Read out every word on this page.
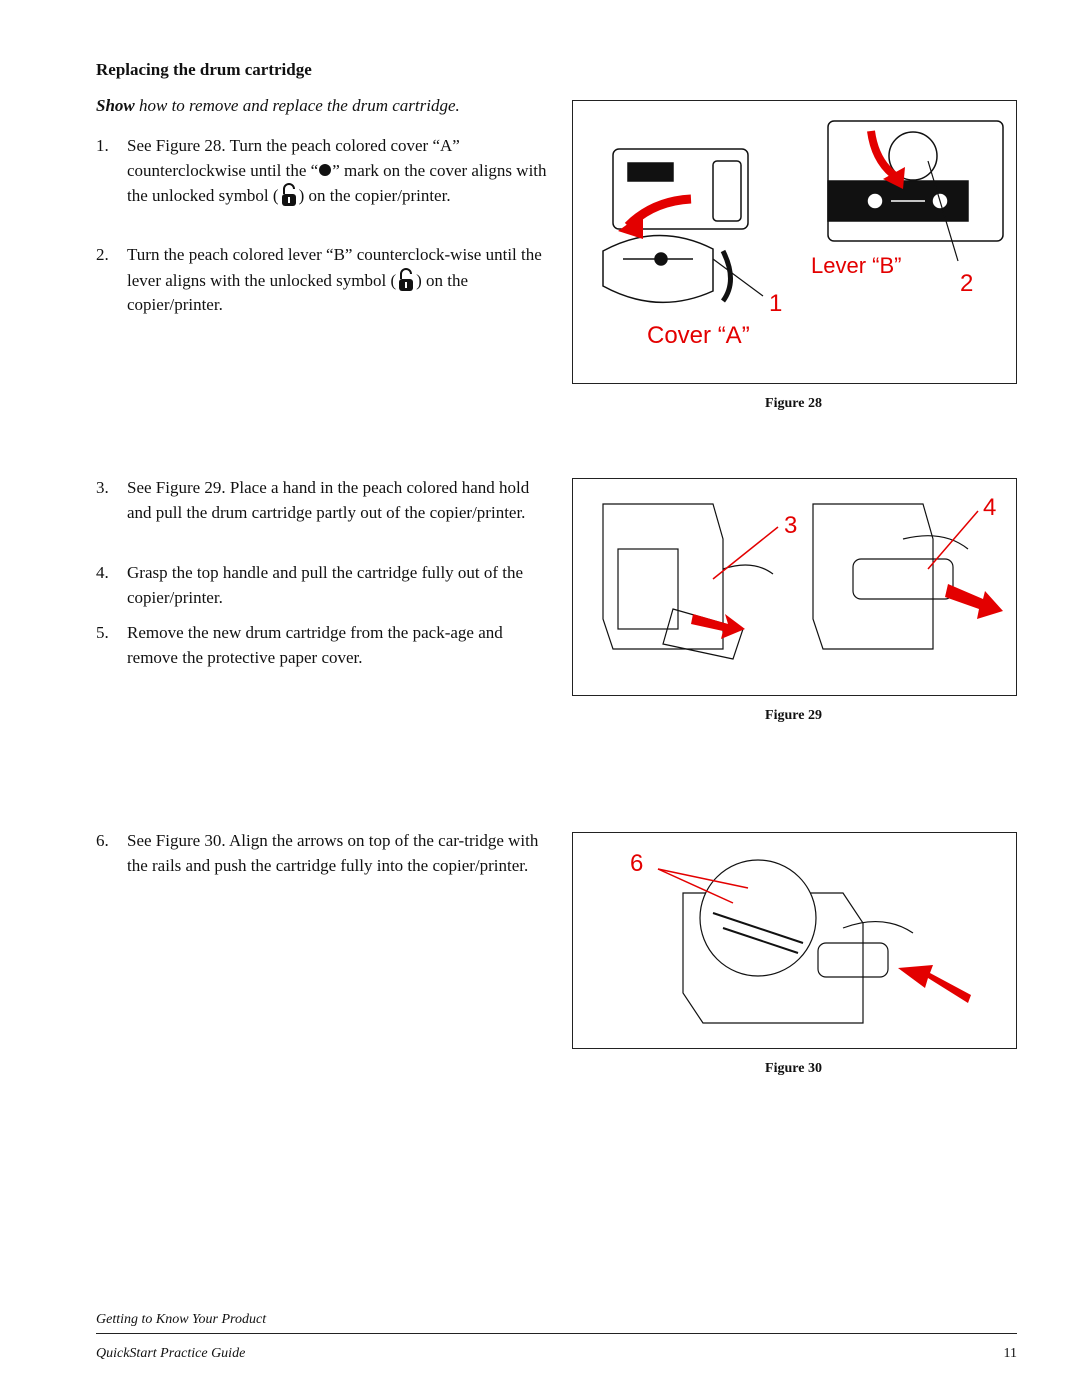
Replacing the drum cartridge
Show how to remove and replace the drum cartridge.
1. See Figure 28. Turn the peach colored cover “A” counterclockwise until the “ ” mark on the cover aligns with the unlocked symbol ( ) on the copier/printer.
2. Turn the peach colored lever “B” counterclock-wise until the lever aligns with the unlocked symbol ( ) on the copier/printer.
3. See Figure 29. Place a hand in the peach colored hand hold and pull the drum cartridge partly out of the copier/printer.
4. Grasp the top handle and pull the cartridge fully out of the copier/printer.
5. Remove the new drum cartridge from the pack-age and remove the protective paper cover.
6. See Figure 30. Align the arrows on top of the car-tridge with the rails and push the cartridge fully into the copier/printer.
Lever “B”
2
1
Cover “A”
Figure 28
3
4
Figure 29
6
Figure 30
Getting to Know Your Product
QuickStart Practice Guide	11
